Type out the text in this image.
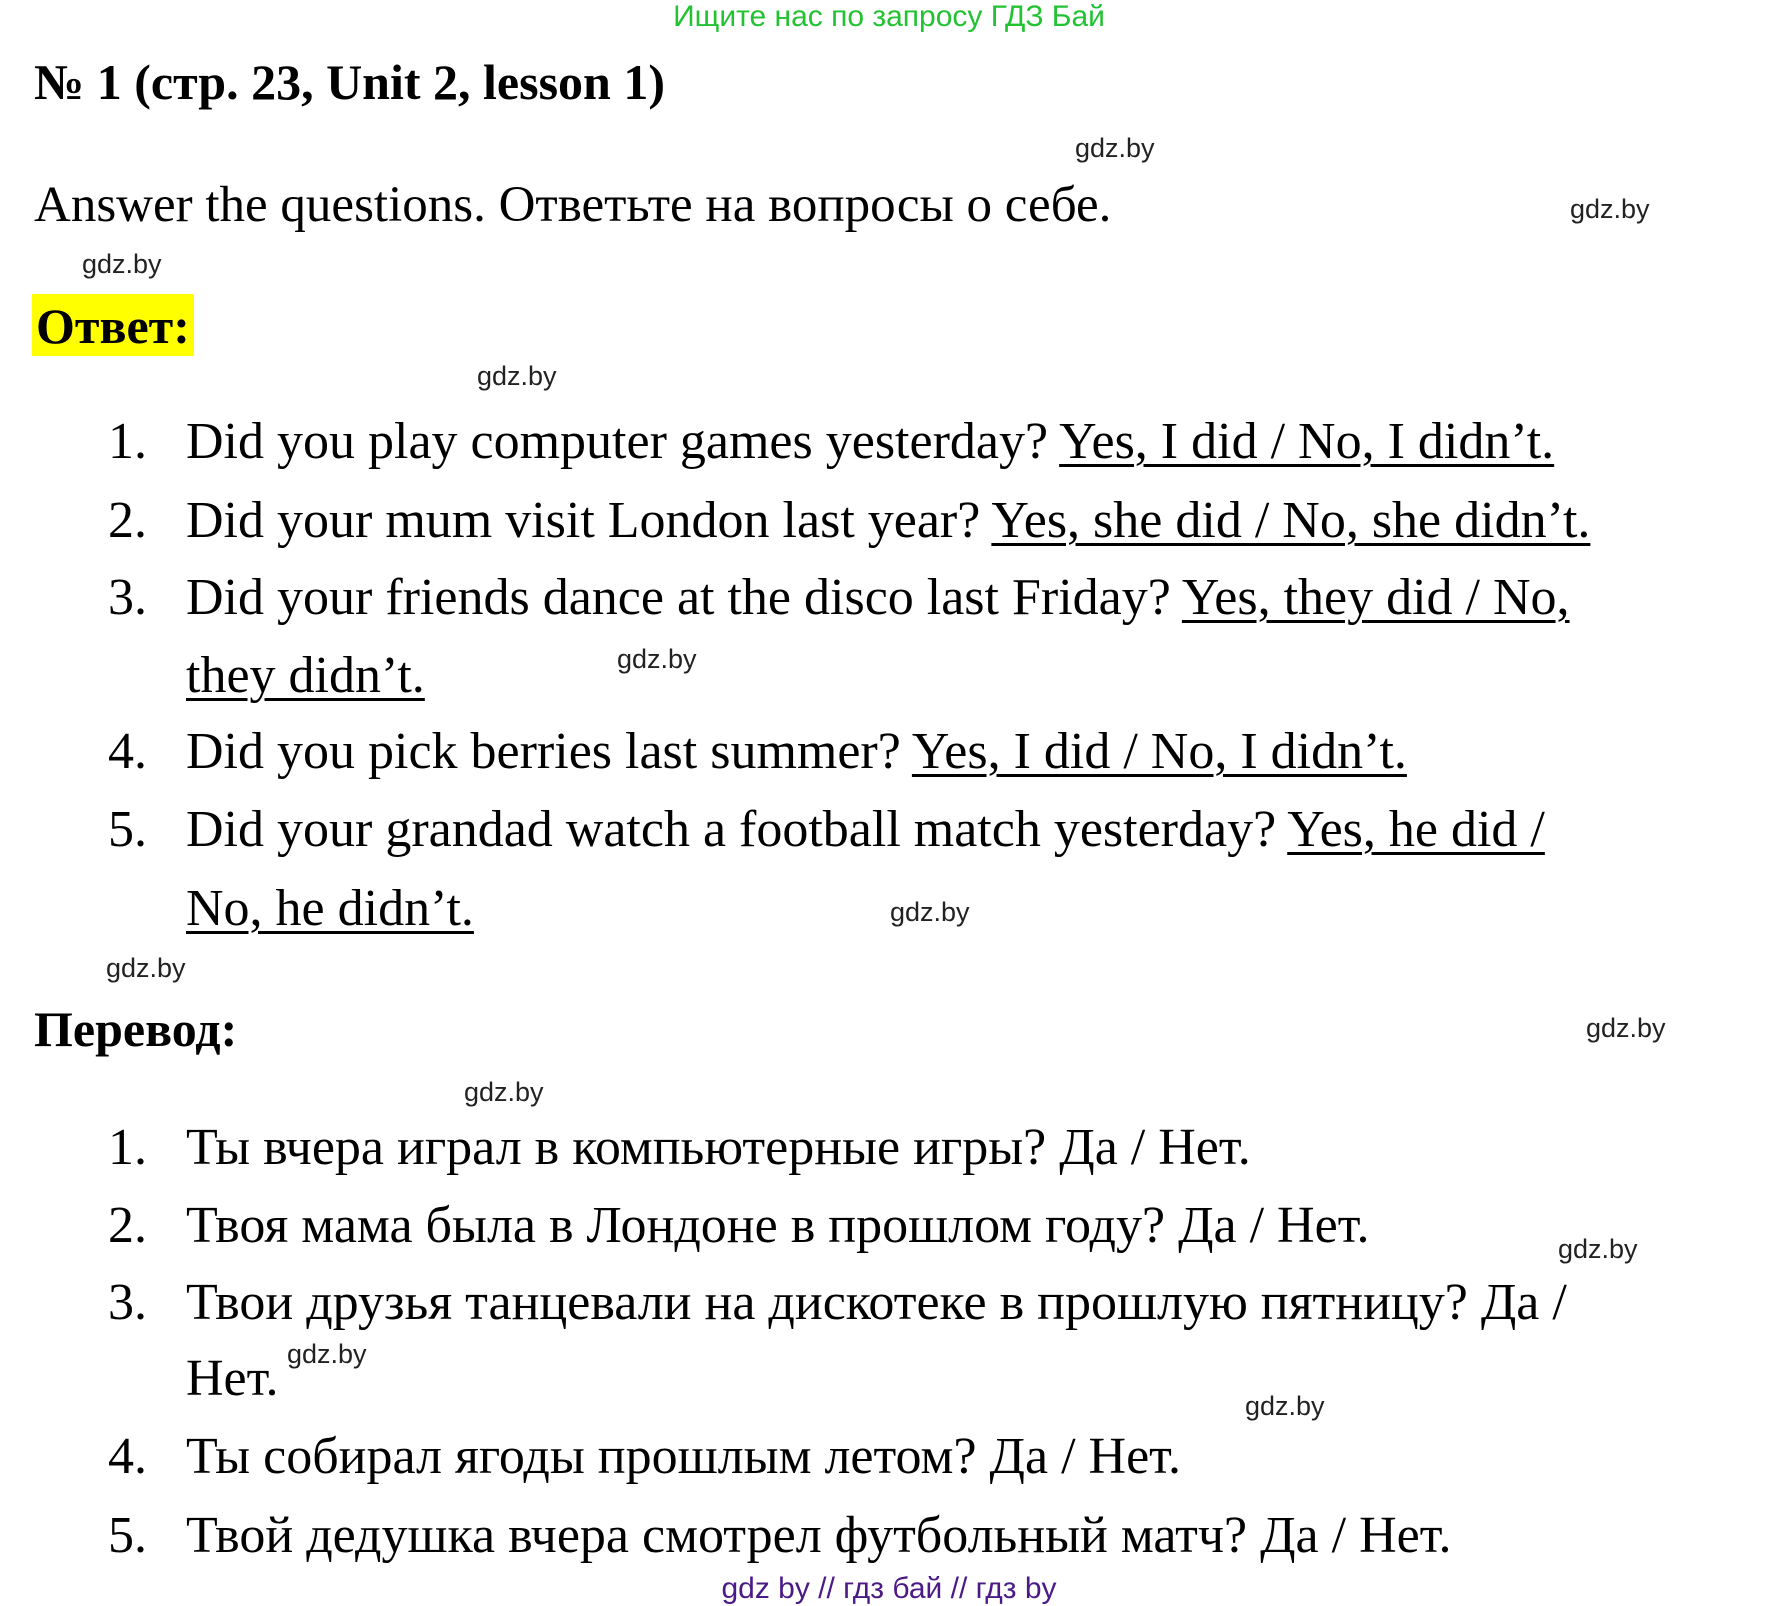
Ищите нас по запросу ГДЗ Бай
№ 1 (стр. 23, Unit 2, lesson 1)
Answer the questions. Ответьте на вопросы о себе.
Ответ:
1. Did you play computer games yesterday? Yes, I did / No, I didn’t.
2. Did your mum visit London last year? Yes, she did / No, she didn’t.
3. Did your friends dance at the disco last Friday? Yes, they did / No,
they didn’t.
4. Did you pick berries last summer? Yes, I did / No, I didn’t.
5. Did your grandad watch a football match yesterday? Yes, he did /
No, he didn’t.
Перевод:
1. Ты вчера играл в компьютерные игры? Да / Нет.
2. Твоя мама была в Лондоне в прошлом году? Да / Нет.
3. Твои друзья танцевали на дискотеке в прошлую пятницу? Да /
Нет.
4. Ты собирал ягоды прошлым летом? Да / Нет.
5. Твой дедушка вчера смотрел футбольный матч? Да / Нет.
gdz.by
gdz.by
gdz.by
gdz.by
gdz.by
gdz.by
gdz.by
gdz.by
gdz.by
gdz.by
gdz.by
gdz.by
gdz by // гдз бай // гдз by
